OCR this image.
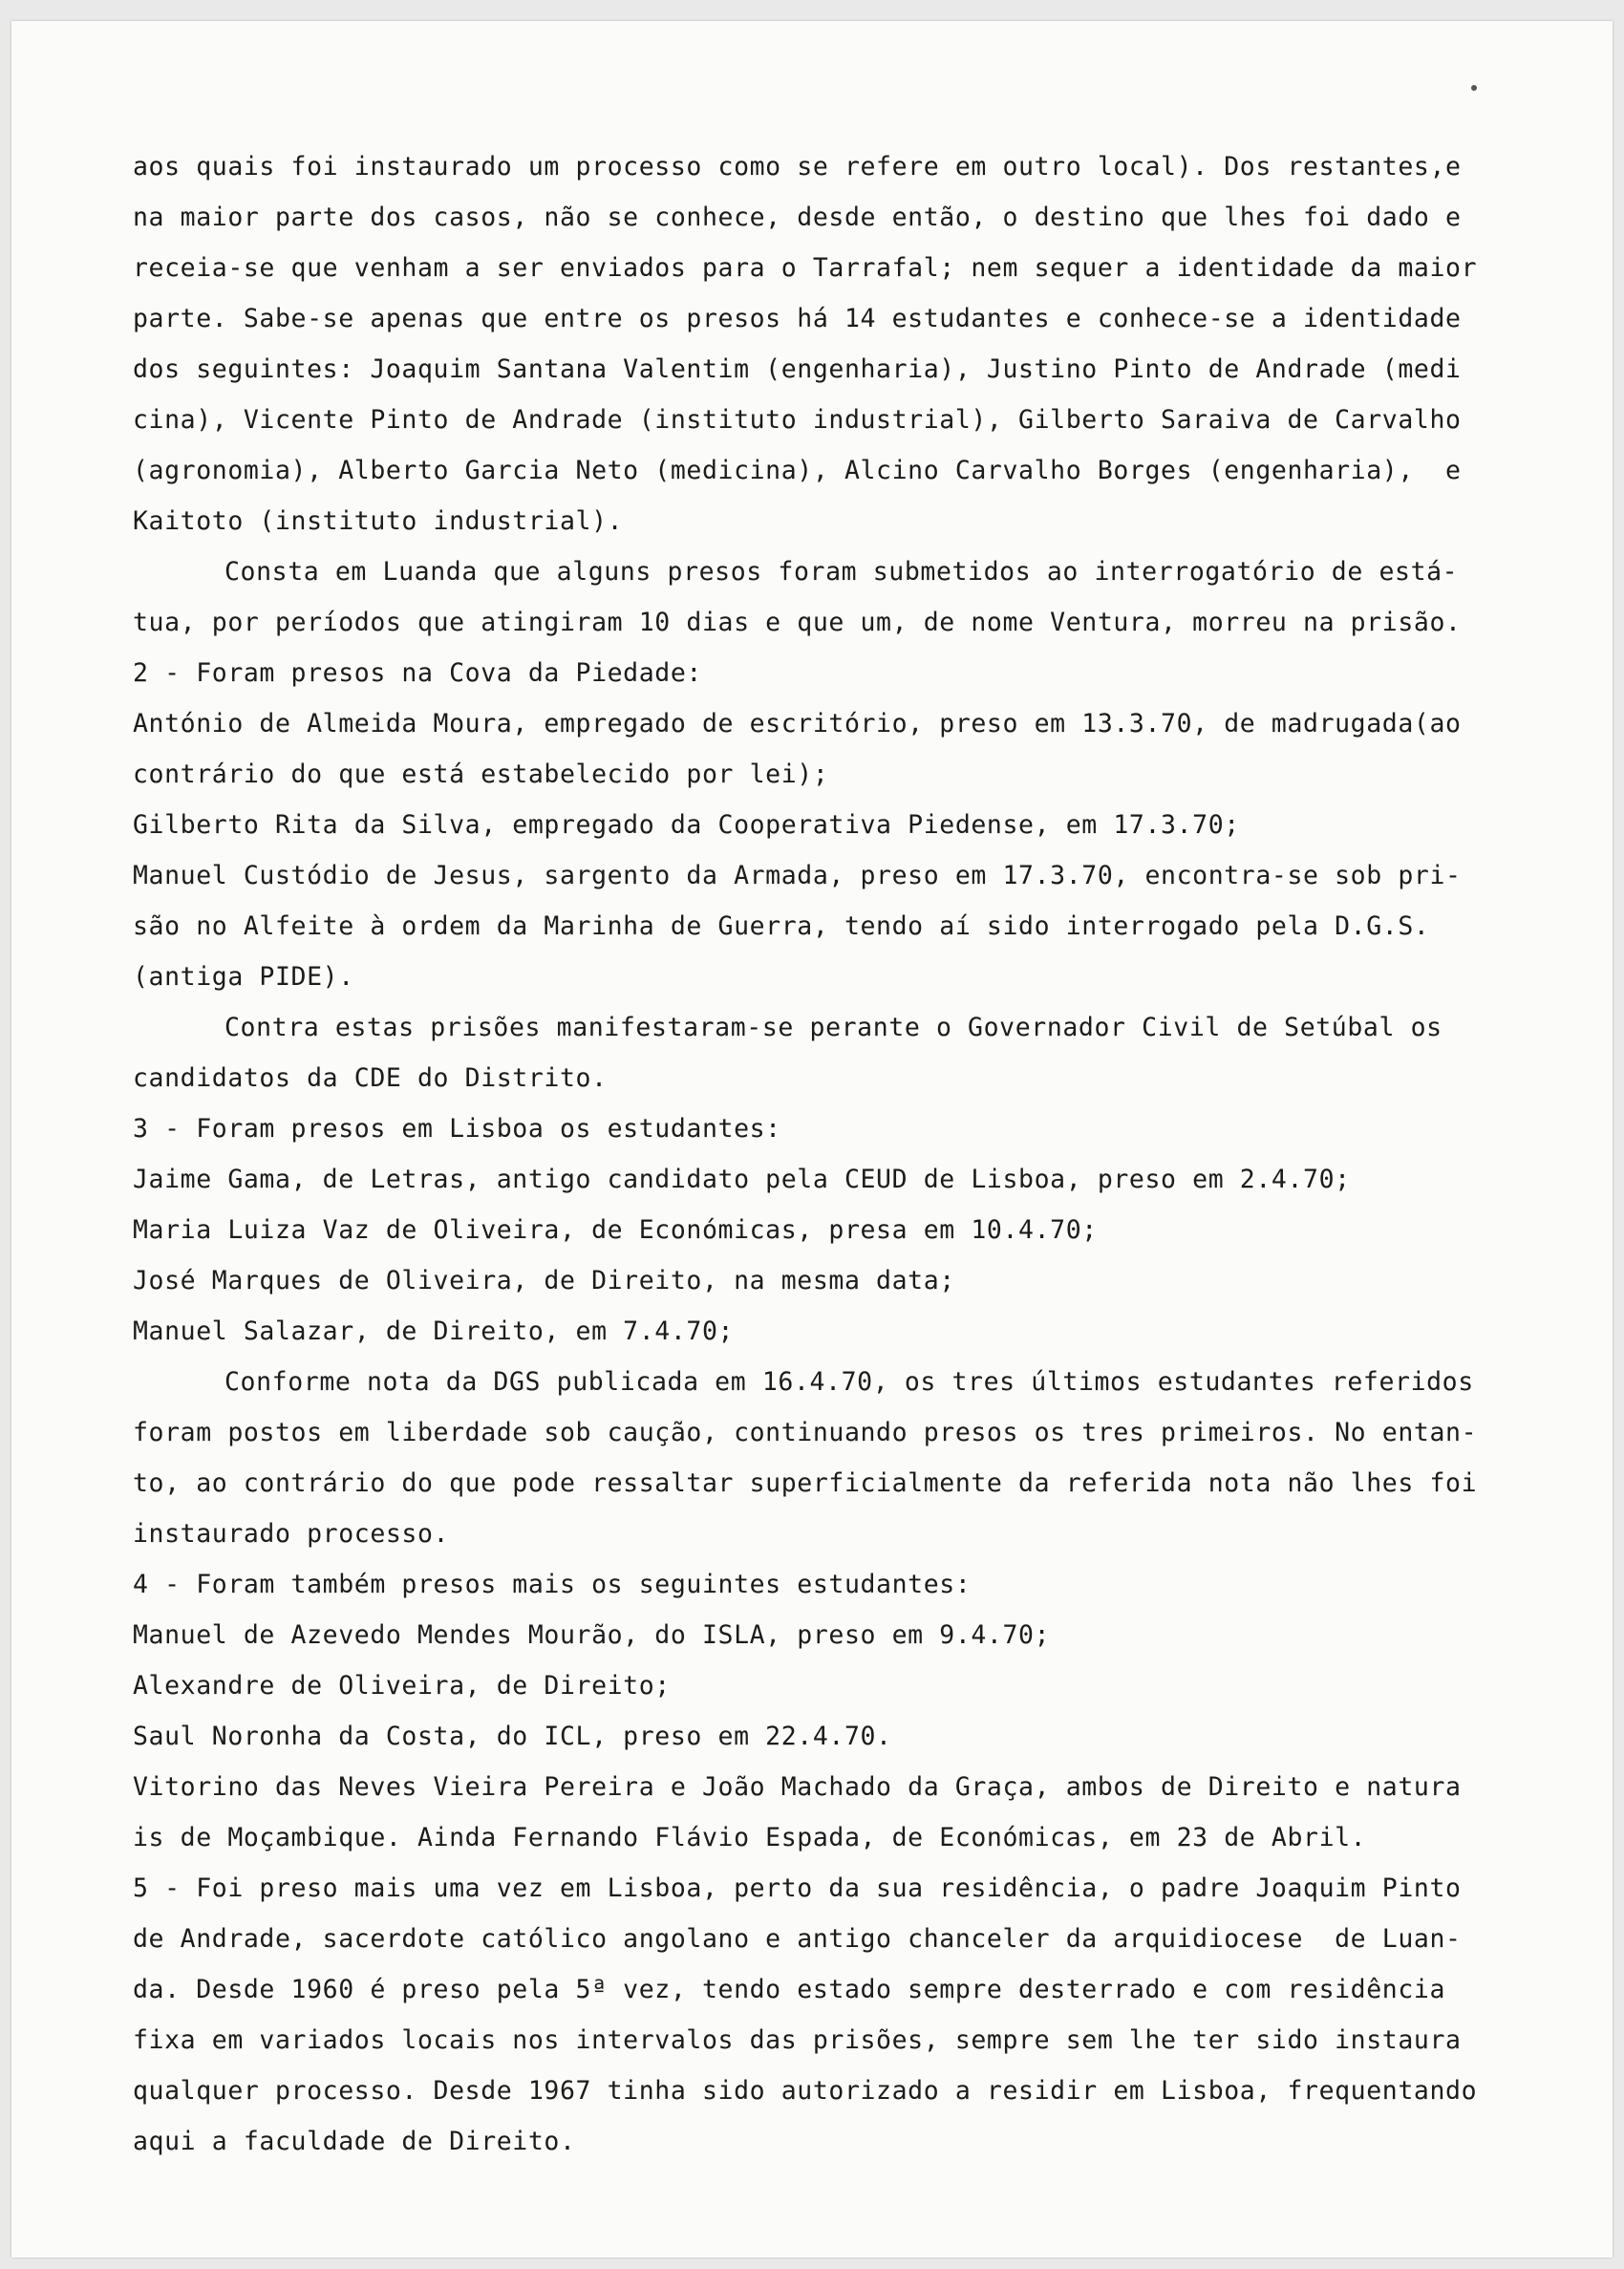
aos quais foi instaurado um processo como se refere em outro local). Dos restantes,e
na maior parte dos casos, não se conhece, desde então, o destino que lhes foi dado e
receia-se que venham a ser enviados para o Tarrafal; nem sequer a identidade da maior
parte. Sabe-se apenas que entre os presos há 14 estudantes e conhece-se a identidade
dos seguintes: Joaquim Santana Valentim (engenharia), Justino Pinto de Andrade (medi
cina), Vicente Pinto de Andrade (instituto industrial), Gilberto Saraiva de Carvalho
(agronomia), Alberto Garcia Neto (medicina), Alcino Carvalho Borges (engenharia),  e
Kaitoto (instituto industrial).
Consta em Luanda que alguns presos foram submetidos ao interrogatório de está-
tua, por períodos que atingiram 10 dias e que um, de nome Ventura, morreu na prisão.
2 - Foram presos na Cova da Piedade:
António de Almeida Moura, empregado de escritório, preso em 13.3.70, de madrugada(ao
contrário do que está estabelecido por lei);
Gilberto Rita da Silva, empregado da Cooperativa Piedense, em 17.3.70;
Manuel Custódio de Jesus, sargento da Armada, preso em 17.3.70, encontra-se sob pri-
são no Alfeite à ordem da Marinha de Guerra, tendo aí sido interrogado pela D.G.S.
(antiga PIDE).
Contra estas prisões manifestaram-se perante o Governador Civil de Setúbal os
candidatos da CDE do Distrito.
3 - Foram presos em Lisboa os estudantes:
Jaime Gama, de Letras, antigo candidato pela CEUD de Lisboa, preso em 2.4.70;
Maria Luiza Vaz de Oliveira, de Económicas, presa em 10.4.70;
José Marques de Oliveira, de Direito, na mesma data;
Manuel Salazar, de Direito, em 7.4.70;
Conforme nota da DGS publicada em 16.4.70, os tres últimos estudantes referidos
foram postos em liberdade sob caução, continuando presos os tres primeiros. No entan-
to, ao contrário do que pode ressaltar superficialmente da referida nota não lhes foi
instaurado processo.
4 - Foram também presos mais os seguintes estudantes:
Manuel de Azevedo Mendes Mourão, do ISLA, preso em 9.4.70;
Alexandre de Oliveira, de Direito;
Saul Noronha da Costa, do ICL, preso em 22.4.70.
Vitorino das Neves Vieira Pereira e João Machado da Graça, ambos de Direito e natura
is de Moçambique. Ainda Fernando Flávio Espada, de Económicas, em 23 de Abril.
5 - Foi preso mais uma vez em Lisboa, perto da sua residência, o padre Joaquim Pinto
de Andrade, sacerdote católico angolano e antigo chanceler da arquidiocese  de Luan-
da. Desde 1960 é preso pela 5ª vez, tendo estado sempre desterrado e com residência
fixa em variados locais nos intervalos das prisões, sempre sem lhe ter sido instaura
qualquer processo. Desde 1967 tinha sido autorizado a residir em Lisboa, frequentando
aqui a faculdade de Direito.
